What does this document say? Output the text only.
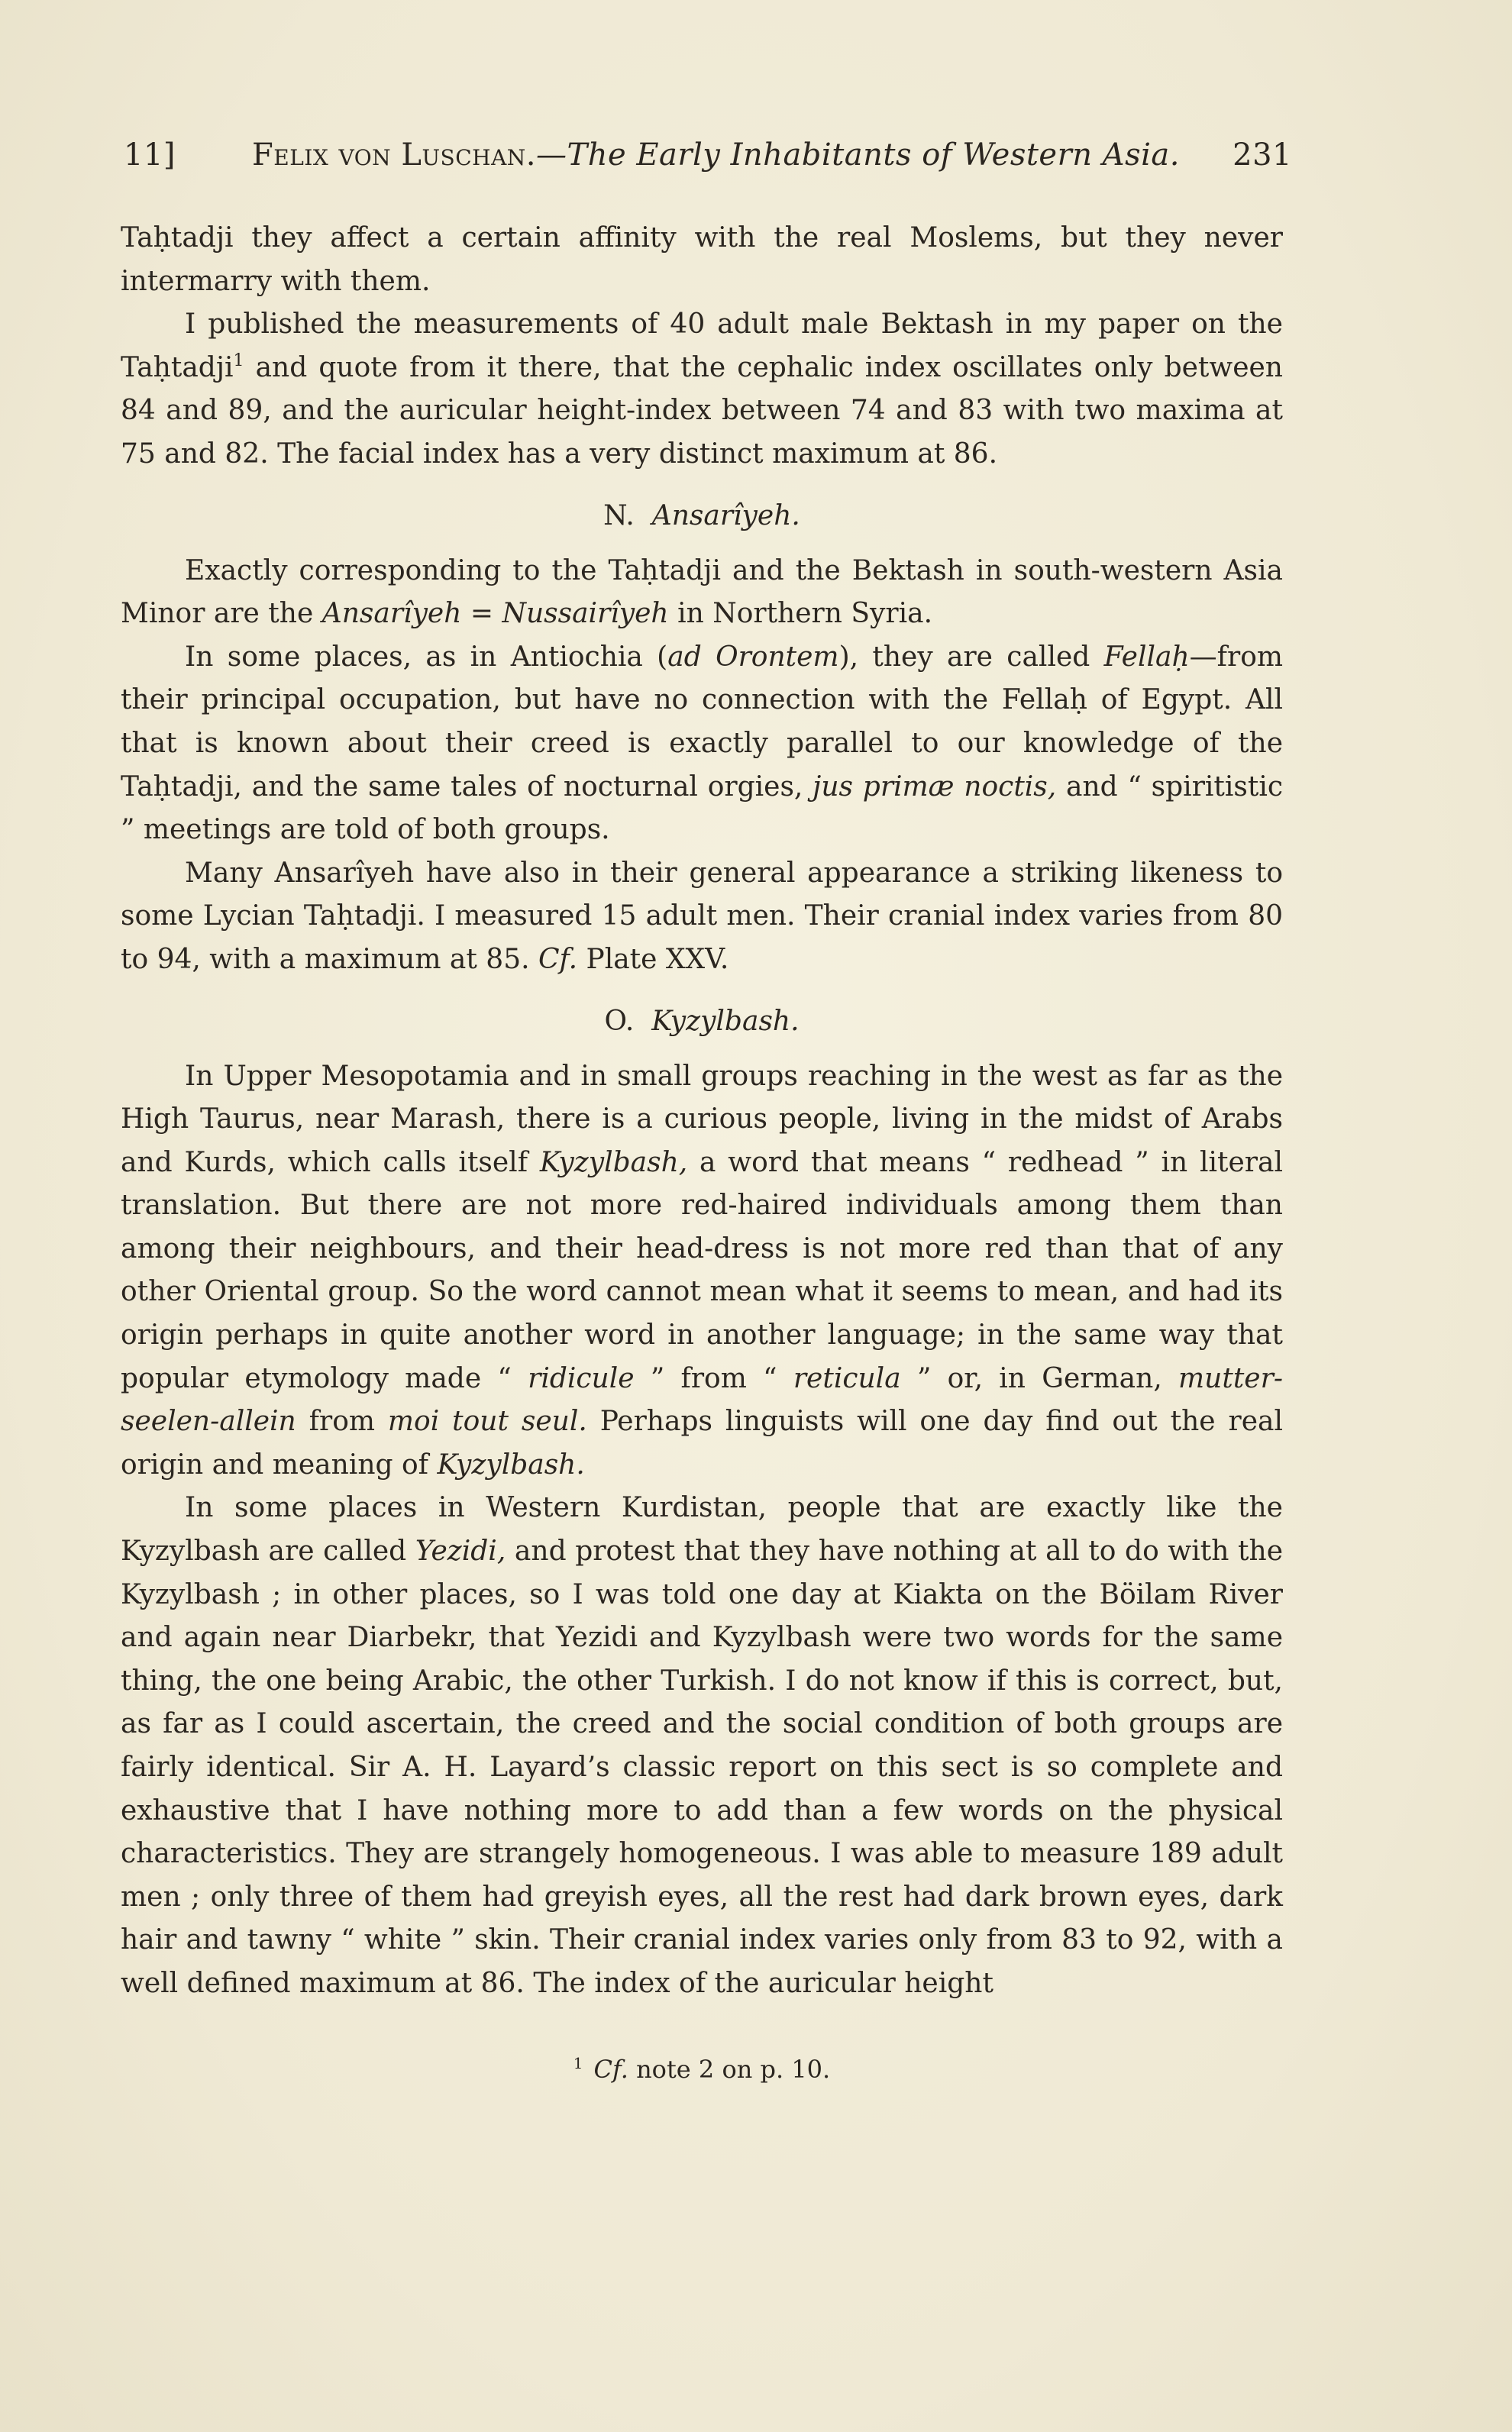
11] Felix von Luschan.—The Early Inhabitants of Western Asia. 231

Taḥtadji they affect a certain affinity with the real Moslems, but they never intermarry with them.

I published the measurements of 40 adult male Bektash in my paper on the Taḥtadji$^1$ and quote from it there, that the cephalic index oscillates only between 84 and 89, and the auricular height-index between 74 and 83 with two maxima at 75 and 82. The facial index has a very distinct maximum at 86.

N. Ansarîyeh.

Exactly corresponding to the Taḥtadji and the Bektash in south-western Asia Minor are the Ansarîyeh = Nussairîyeh in Northern Syria.

In some places, as in Antiochia (ad Orontem), they are called Fellaḥ—from their principal occupation, but have no connection with the Fellaḥ of Egypt. All that is known about their creed is exactly parallel to our knowledge of the Taḥtadji, and the same tales of nocturnal orgies, jus primæ noctis, and “ spiritistic ” meetings are told of both groups.

Many Ansarîyeh have also in their general appearance a striking likeness to some Lycian Taḥtadji. I measured 15 adult men. Their cranial index varies from 80 to 94, with a maximum at 85. Cf. Plate XXV.

O. Kyzylbash.

In Upper Mesopotamia and in small groups reaching in the west as far as the High Taurus, near Marash, there is a curious people, living in the midst of Arabs and Kurds, which calls itself Kyzylbash, a word that means “ redhead ” in literal translation. But there are not more red-haired individuals among them than among their neighbours, and their head-dress is not more red than that of any other Oriental group. So the word cannot mean what it seems to mean, and had its origin perhaps in quite another word in another language; in the same way that popular etymology made “ ridicule ” from “ reticula ” or, in German, mutter-seelen-allein from moi tout seul. Perhaps linguists will one day find out the real origin and meaning of Kyzylbash.

In some places in Western Kurdistan, people that are exactly like the Kyzylbash are called Yezidi, and protest that they have nothing at all to do with the Kyzylbash ; in other places, so I was told one day at Kiakta on the Böilam River and again near Diarbekr, that Yezidi and Kyzylbash were two words for the same thing, the one being Arabic, the other Turkish. I do not know if this is correct, but, as far as I could ascertain, the creed and the social condition of both groups are fairly identical. Sir A. H. Layard’s classic report on this sect is so complete and exhaustive that I have nothing more to add than a few words on the physical characteristics. They are strangely homogeneous. I was able to measure 189 adult men ; only three of them had greyish eyes, all the rest had dark brown eyes, dark hair and tawny “ white ” skin. Their cranial index varies only from 83 to 92, with a well defined maximum at 86. The index of the auricular height

$^1$ Cf. note 2 on p. 10.
